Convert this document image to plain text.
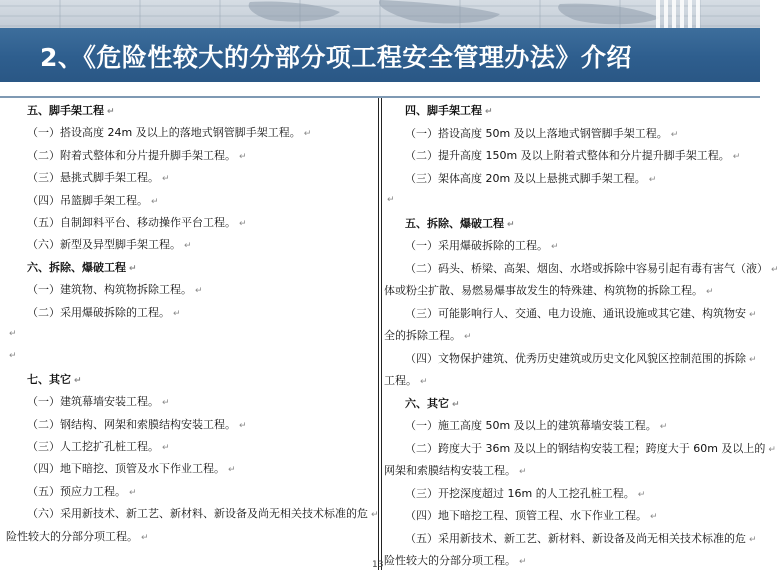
2、《危险性较大的分部分项工程安全管理办法》介绍
五、脚手架工程 ↵
（一）搭设高度 24m 及以上的落地式钢管脚手架工程。 ↵
（二）附着式整体和分片提升脚手架工程。 ↵
（三）悬挑式脚手架工程。 ↵
（四）吊篮脚手架工程。 ↵
（五）自制卸料平台、移动操作平台工程。 ↵
（六）新型及异型脚手架工程。 ↵
六、拆除、爆破工程 ↵
（一）建筑物、构筑物拆除工程。 ↵
（二）采用爆破拆除的工程。 ↵
↵
↵
七、其它 ↵
（一）建筑幕墙安装工程。 ↵
（二）钢结构、网架和索膜结构安装工程。 ↵
（三）人工挖扩孔桩工程。 ↵
（四）地下暗挖、顶管及水下作业工程。 ↵
（五）预应力工程。 ↵
（六）采用新技术、新工艺、新材料、新设备及尚无相关技术标准的危 ↵
险性较大的分部分项工程。 ↵
四、脚手架工程 ↵
（一）搭设高度 50m 及以上落地式钢管脚手架工程。 ↵
（二）提升高度 150m 及以上附着式整体和分片提升脚手架工程。 ↵
（三）架体高度 20m 及以上悬挑式脚手架工程。 ↵
↵
五、拆除、爆破工程 ↵
（一）采用爆破拆除的工程。 ↵
（二）码头、桥梁、高架、烟囱、水塔或拆除中容易引起有毒有害气（液） ↵
体或粉尘扩散、易燃易爆事故发生的特殊建、构筑物的拆除工程。 ↵
（三）可能影响行人、交通、电力设施、通讯设施或其它建、构筑物安 ↵
全的拆除工程。 ↵
（四）文物保护建筑、优秀历史建筑或历史文化风貌区控制范围的拆除 ↵
工程。 ↵
六、其它 ↵
（一）施工高度 50m 及以上的建筑幕墙安装工程。 ↵
（二）跨度大于 36m 及以上的钢结构安装工程；跨度大于 60m 及以上的 ↵
网架和索膜结构安装工程。 ↵
（三）开挖深度超过 16m 的人工挖孔桩工程。 ↵
（四）地下暗挖工程、顶管工程、水下作业工程。 ↵
（五）采用新技术、新工艺、新材料、新设备及尚无相关技术标准的危 ↵
险性较大的分部分项工程。 ↵
13
